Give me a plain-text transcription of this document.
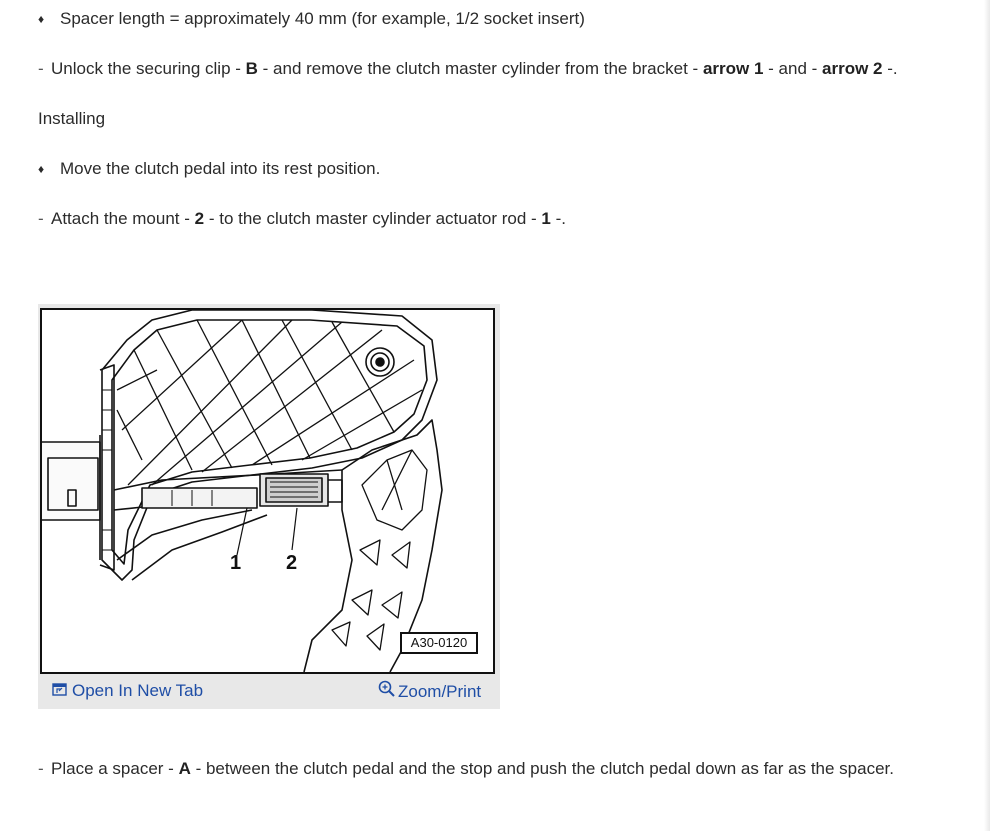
♦ Spacer length = approximately 40 mm (for example, 1/2 socket insert)
- Unlock the securing clip - B - and remove the clutch master cylinder from the bracket - arrow 1 - and - arrow 2 -.
Installing
♦ Move the clutch pedal into its rest position.
- Attach the mount - 2 - to the clutch master cylinder actuator rod - 1 -.
1 2
A30-0120
Open In New Tab	Zoom/Print
- Place a spacer - A - between the clutch pedal and the stop and push the clutch pedal down as far as the spacer.
